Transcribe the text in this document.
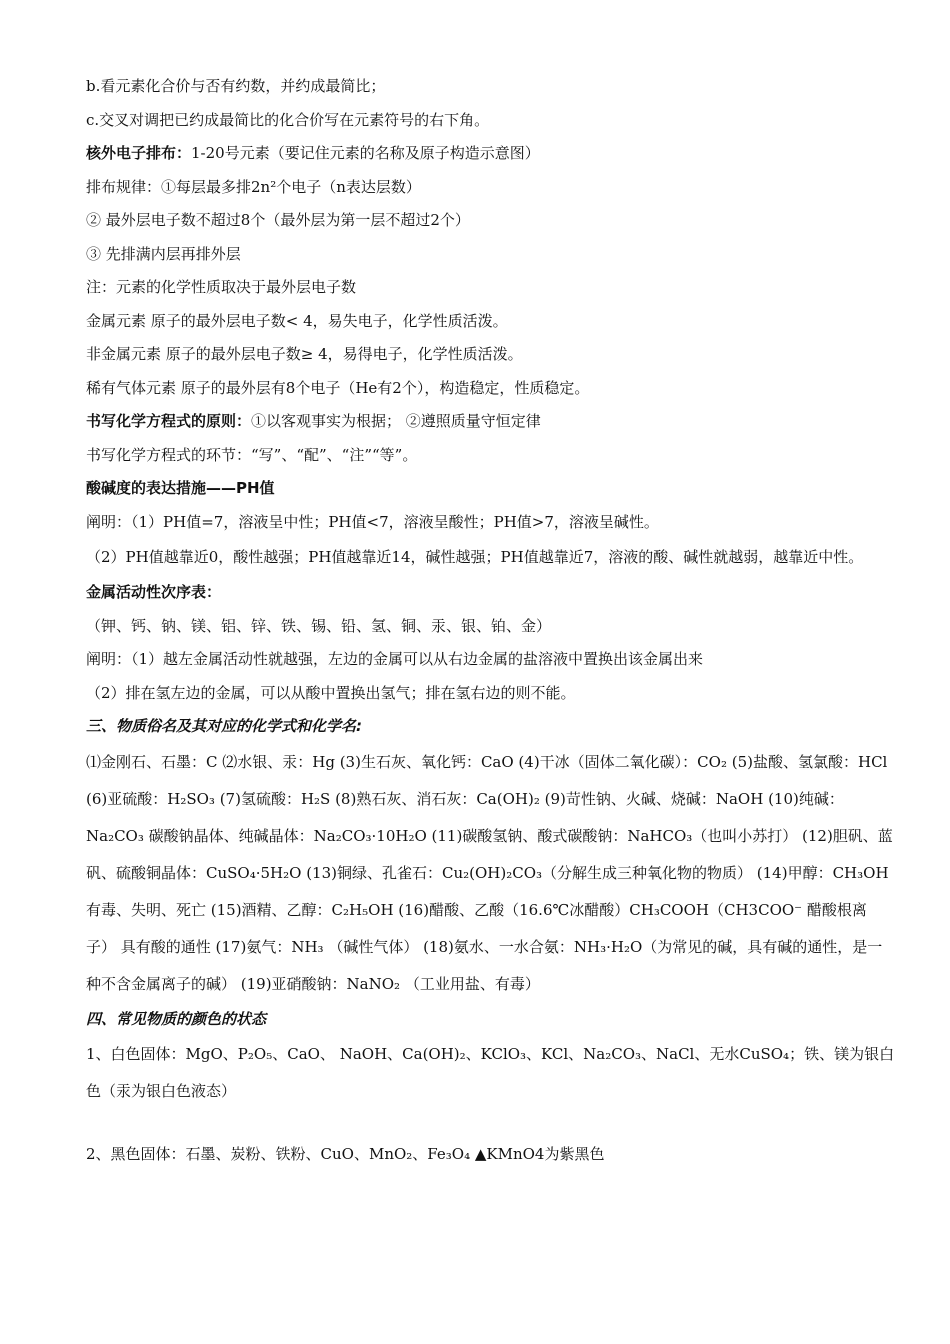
b.看元素化合价与否有约数，并约成最简比；
c.交叉对调把已约成最简比的化合价写在元素符号的右下角。
核外电子排布：1-20号元素（要记住元素的名称及原子构造示意图）
排布规律：①每层最多排2n²个电子（n表达层数）
② 最外层电子数不超过8个（最外层为第一层不超过2个）
③ 先排满内层再排外层
注：元素的化学性质取决于最外层电子数
金属元素 原子的最外层电子数< 4，易失电子，化学性质活泼。
非金属元素 原子的最外层电子数≥ 4，易得电子，化学性质活泼。
稀有气体元素 原子的最外层有8个电子（He有2个），构造稳定，性质稳定。
书写化学方程式的原则：①以客观事实为根据； ②遵照质量守恒定律
书写化学方程式的环节：“写”、“配”、“注”“等”。
酸碱度的表达措施——PH值
阐明：（1）PH值=7，溶液呈中性；PH值<7，溶液呈酸性；PH值>7，溶液呈碱性。
（2）PH值越靠近0，酸性越强；PH值越靠近14，碱性越强；PH值越靠近7，溶液的酸、碱性就越弱，越靠近中性。
金属活动性次序表：
（钾、钙、钠、镁、铝、锌、铁、锡、铅、氢、铜、汞、银、铂、金）
阐明：（1）越左金属活动性就越强，左边的金属可以从右边金属的盐溶液中置换出该金属出来
（2）排在氢左边的金属，可以从酸中置换出氢气；排在氢右边的则不能。
三、物质俗名及其对应的化学式和化学名:
⑴金刚石、石墨：C ⑵水银、汞：Hg (3)生石灰、氧化钙：CaO (4)干冰（固体二氧化碳）：CO₂ (5)盐酸、氢氯酸：HCl (6)亚硫酸：H₂SO₃ (7)氢硫酸：H₂S (8)熟石灰、消石灰：Ca(OH)₂ (9)苛性钠、火碱、烧碱：NaOH (10)纯碱：Na₂CO₃ 碳酸钠晶体、纯碱晶体：Na₂CO₃·10H₂O (11)碳酸氢钠、酸式碳酸钠：NaHCO₃（也叫小苏打） (12)胆矾、蓝矾、硫酸铜晶体：CuSO₄·5H₂O (13)铜绿、孔雀石：Cu₂(OH)₂CO₃（分解生成三种氧化物的物质） (14)甲醇：CH₃OH 有毒、失明、死亡 (15)酒精、乙醇：C₂H₅OH (16)醋酸、乙酸（16.6℃冰醋酸）CH₃COOH（CH3COO⁻ 醋酸根离子） 具有酸的通性 (17)氨气：NH₃ （碱性气体） (18)氨水、一水合氨：NH₃·H₂O（为常见的碱，具有碱的通性，是一种不含金属离子的碱） (19)亚硝酸钠：NaNO₂ （工业用盐、有毒）
四、常见物质的颜色的状态
1、白色固体：MgO、P₂O₅、CaO、 NaOH、Ca(OH)₂、KClO₃、KCl、Na₂CO₃、NaCl、无水CuSO₄；铁、镁为银白色（汞为银白色液态）
2、黑色固体：石墨、炭粉、铁粉、CuO、MnO₂、Fe₃O₄ ▲KMnO4为紫黑色
